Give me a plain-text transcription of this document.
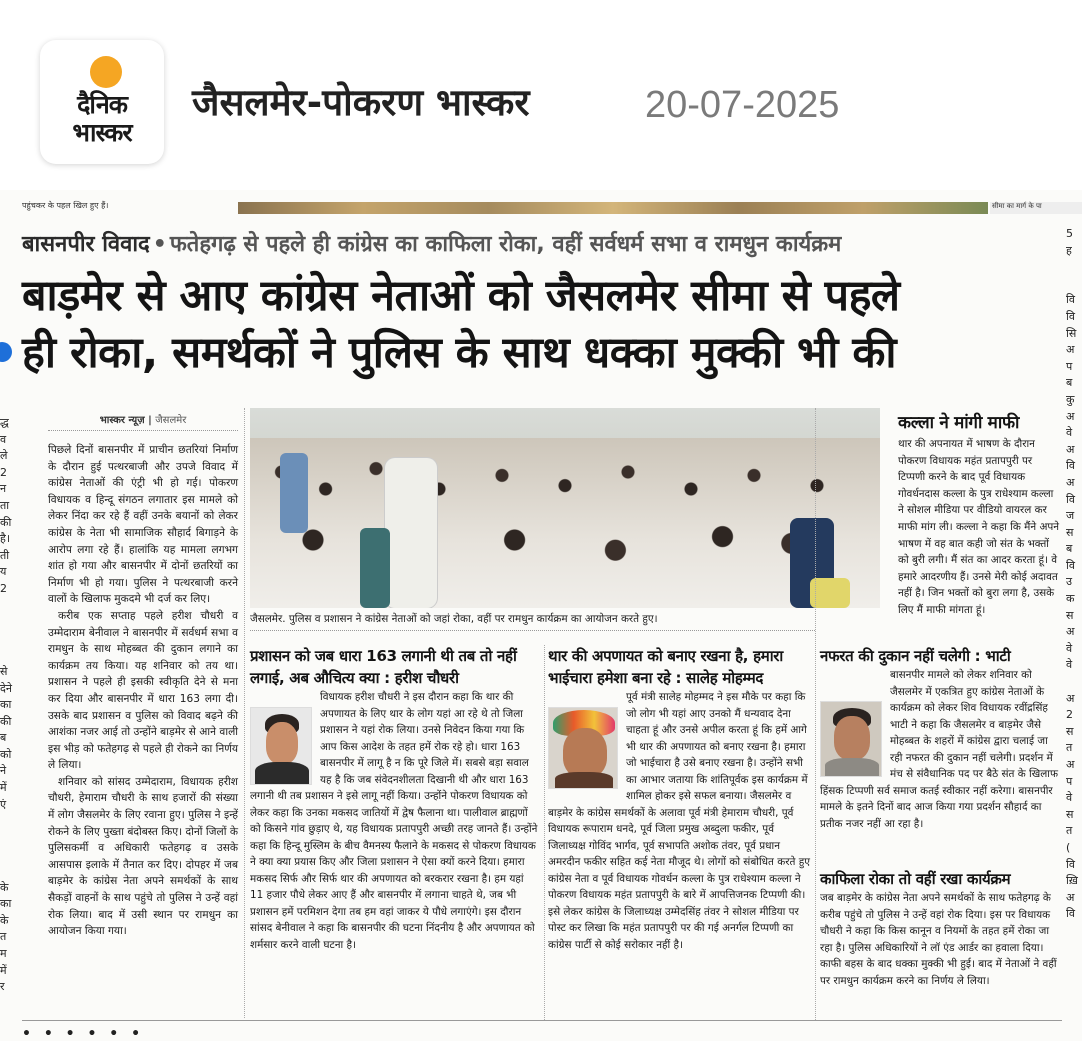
दैनिक
भास्कर
जैसलमेर-पोकरण भास्कर	20-07-2025
पहुंचकर के पहल खिल हुए हैं।	सीमा का मार्ग के पा
बासनपीर विवाद • फतेहगढ़ से पहले ही कांग्रेस का काफिला रोका, वहीं सर्वधर्म सभा व रामधुन कार्यक्रम
बाड़मेर से आए कांग्रेस नेताओं को जैसलमेर सीमा से पहले
ही रोका, समर्थकों ने पुलिस के साथ धक्का मुक्की भी की
द्ध
व
ले
2
न
ता
की
है।
ती
य
2

से
देने
का
की
ब
को
ने
में
एं

के
का
के
त
म
में
र
भास्कर न्यूज़ | जैसलमेर

पिछले दिनों बासनपीर में प्राचीन छतरियां निर्माण के दौरान हुई पत्थरबाजी और उपजे विवाद में कांग्रेस नेताओं की एंट्री भी हो गई। पोकरण विधायक व हिन्दू संगठन लगातार इस मामले को लेकर निंदा कर रहे हैं वहीं उनके बयानों को लेकर कांग्रेस के नेता भी सामाजिक सौहार्द बिगाड़ने के आरोप लगा रहे हैं। हालांकि यह मामला लगभग शांत हो गया और बासनपीर में दोनों छतरियों का निर्माण भी हो गया। पुलिस ने पत्थरबाजी करने वालों के खिलाफ मुकदमे भी दर्ज कर लिए।

करीब एक सप्ताह पहले हरीश चौधरी व उम्मेदाराम बेनीवाल ने बासनपीर में सर्वधर्म सभा व रामधुन के साथ मोहब्बत की दुकान लगाने का कार्यक्रम तय किया। यह शनिवार को तय था। प्रशासन ने पहले ही इसकी स्वीकृति देने से मना कर दिया और बासनपीर में धारा 163 लगा दी। उसके बाद प्रशासन व पुलिस को विवाद बढ़ने की आशंका नजर आई तो उन्होंने बाड़मेर से आने वाली इस भीड़ को फतेहगढ़ से पहले ही रोकने का निर्णय ले लिया।

शनिवार को सांसद उम्मेदाराम, विधायक हरीश चौधरी, हेमाराम चौधरी के साथ हजारों की संख्या में लोग जैसलमेर के लिए रवाना हुए। पुलिस ने इन्हें रोकने के लिए पुख्ता बंदोबस्त किए। दोनों जिलों के पुलिसकर्मी व अधिकारी फतेहगढ़ व उसके आसपास इलाके में तैनात कर दिए। दोपहर में जब बाड़मेर के कांग्रेस नेता अपने समर्थकों के साथ सैकड़ों वाहनों के साथ पहुंचे तो पुलिस ने उन्हें वहां रोक लिया। बाद में उसी स्थान पर रामधुन का आयोजन किया गया।

जैसलमेर. पुलिस व प्रशासन ने कांग्रेस नेताओं को जहां रोका, वहीं पर रामधुन कार्यक्रम का आयोजन करते हुए।
कल्ला ने मांगी माफी
थार की अपनायत में भाषण के दौरान पोकरण विधायक महंत प्रतापपुरी पर टिप्पणी करने के बाद पूर्व विधायक गोवर्धनदास कल्ला के पुत्र राधेश्याम कल्ला ने सोशल मीडिया पर वीडियो वायरल कर माफी मांग ली। कल्ला ने कहा कि मैंने अपने भाषण में वह बात कही जो संत के भक्तों को बुरी लगी। मैं संत का आदर करता हूं। वे हमारे आदरणीय हैं। उनसे मेरी कोई अदावत नहीं है। जिन भक्तों को बुरा लगा है, उसके लिए मैं माफी मांगता हूं।
प्रशासन को जब धारा 163 लगानी थी तब तो नहीं लगाई, अब औचित्य क्या : हरीश चौधरी
विधायक हरीश चौधरी ने इस दौरान कहा कि थार की अपणायत के लिए थार के लोग यहां आ रहे थे तो जिला प्रशासन ने यहां रोक लिया। उनसे निवेदन किया गया कि आप किस आदेश के तहत हमें रोक रहे हो। धारा 163 बासनपीर में लागू है न कि पूरे जिले में। सबसे बड़ा सवाल यह है कि जब संवेदनशीलता दिखानी थी और धारा 163 लगानी थी तब प्रशासन ने इसे लागू नहीं किया। उन्होंने पोकरण विधायक को लेकर कहा कि उनका मकसद जातियों में द्वेष फैलाना था। पालीवाल ब्राह्मणों को किसने गांव छुड़ाए थे, यह विधायक प्रतापपुरी अच्छी तरह जानते हैं। उन्होंने कहा कि हिन्दू मुस्लिम के बीच वैमनस्य फैलाने के मकसद से पोकरण विधायक ने क्या क्या प्रयास किए और जिला प्रशासन ने ऐसा क्यों करने दिया। हमारा मकसद सिर्फ और सिर्फ थार की अपणायत को बरकरार रखना है। हम यहां 11 हजार पौधे लेकर आए हैं और बासनपीर में लगाना चाहते थे, जब भी प्रशासन हमें परमिशन देगा तब हम वहां जाकर ये पौधे लगाएंगे। इस दौरान सांसद बेनीवाल ने कहा कि बासनपीर की घटना निंदनीय है और अपणायत को शर्मसार करने वाली घटना है।
थार की अपणायत को बनाए रखना है, हमारा भाईचारा हमेशा बना रहे : सालेह मोहम्मद
पूर्व मंत्री सालेह मोहम्मद ने इस मौके पर कहा कि जो लोग भी यहां आए उनको मैं धन्यवाद देना चाहता हूं और उनसे अपील करता हूं कि हमें आगे भी थार की अपणायत को बनाए रखना है। हमारा जो भाईचारा है उसे बनाए रखना है। उन्होंने सभी का आभार जताया कि शांतिपूर्वक इस कार्यक्रम में शामिल होकर इसे सफल बनाया। जैसलमेर व बाड़मेर के कांग्रेस समर्थकों के अलावा पूर्व मंत्री हेमाराम चौधरी, पूर्व विधायक रूपाराम धनदे, पूर्व जिला प्रमुख अब्दुला फकीर, पूर्व जिलाध्यक्ष गोविंद भार्गव, पूर्व सभापति अशोक तंवर, पूर्व प्रधान अमरदीन फकीर सहित कई नेता मौजूद थे। लोगों को संबोधित करते हुए कांग्रेस नेता व पूर्व विधायक गोवर्धन कल्ला के पुत्र राधेश्याम कल्ला ने पोकरण विधायक महंत प्रतापपुरी के बारे में आपत्तिजनक टिप्पणी की। इसे लेकर कांग्रेस के जिलाध्यक्ष उम्मेदसिंह तंवर ने सोशल मीडिया पर पोस्ट कर लिखा कि महंत प्रतापपुरी पर की गई अनर्गल टिप्पणी का कांग्रेस पार्टी से कोई सरोकार नहीं है।
नफरत की दुकान नहीं चलेगी : भाटी
बासनपीर मामले को लेकर शनिवार को जैसलमेर में एकत्रित हुए कांग्रेस नेताओं के कार्यक्रम को लेकर शिव विधायक रवींद्रसिंह भाटी ने कहा कि जैसलमेर व बाड़मेर जैसे मोहब्बत के शहरों में कांग्रेस द्वारा चलाई जा रही नफरत की दुकान नहीं चलेगी। प्रदर्शन में मंच से संवैधानिक पद पर बैठे संत के खिलाफ हिंसक टिप्पणी सर्व समाज कतई स्वीकार नहीं करेगा। बासनपीर मामले के इतने दिनों बाद आज किया गया प्रदर्शन सौहार्द का प्रतीक नजर नहीं आ रहा है।
काफिला रोका तो वहीं रखा कार्यक्रम
जब बाड़मेर के कांग्रेस नेता अपने समर्थकों के साथ फतेहगढ़ के करीब पहुंचे तो पुलिस ने उन्हें वहां रोक दिया। इस पर विधायक चौधरी ने कहा कि किस कानून व नियमों के तहत हमें रोका जा रहा है। पुलिस अधिकारियों ने लॉ एंड आर्डर का हवाला दिया। काफी बहस के बाद धक्का मुक्की भी हुई। बाद में नेताओं ने वहीं पर रामधुन कार्यक्रम करने का निर्णय ले लिया।
• • • • • •
5
ह

वि
वि
सि
अ
प
ब
कु
अ
वे
अ
वि
अ
वि
ज
स
ब
वि
उ
क
स
अ
वे
वे

अ
2
स
त
अ
प
वे
स
त
(
वि
ख़ि
अ
वि
